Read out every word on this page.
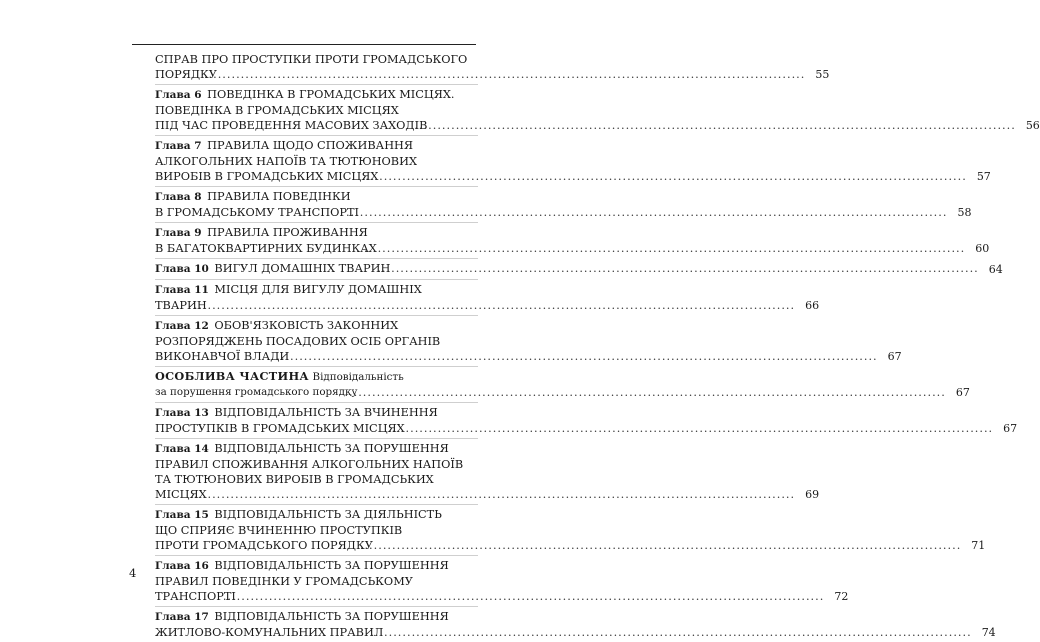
СПРАВ ПРО ПРОСТУПКИ ПРОТИ ГРОМАДСЬКОГО
ПОРЯДКУ .....	55
Глава 6 ПОВЕДІНКА В ГРОМАДСЬКИХ МІСЦЯХ.
ПОВЕДІНКА В ГРОМАДСЬКИХ МІСЦЯХ
ПІД ЧАС ПРОВЕДЕННЯ МАСОВИХ ЗАХОДІВ .....	56
Глава 7 ПРАВИЛА ЩОДО СПОЖИВАННЯ
АЛКОГОЛЬНИХ НАПОЇВ ТА ТЮТЮНОВИХ
ВИРОБІВ В ГРОМАДСЬКИХ МІСЦЯХ .....	57
Глава 8 ПРАВИЛА ПОВЕДІНКИ
В ГРОМАДСЬКОМУ ТРАНСПОРТІ .....	58
Глава 9 ПРАВИЛА ПРОЖИВАННЯ
В БАГАТОКВАРТИРНИХ БУДИНКАХ .....	60
Глава 10 ВИГУЛ ДОМАШНІХ ТВАРИН .....	64
Глава 11 МІСЦЯ ДЛЯ ВИГУЛУ ДОМАШНІХ
ТВАРИН .....	66
Глава 12 ОБОВ'ЯЗКОВІСТЬ ЗАКОННИХ
РОЗПОРЯДЖЕНЬ ПОСАДОВИХ ОСІБ ОРГАНІВ
ВИКОНАВЧОЇ ВЛАДИ .....	67
ОСОБЛИВА ЧАСТИНА Відповідальність
за порушення громадського порядку .....	67
Глава 13 ВІДПОВІДАЛЬНІСТЬ ЗА ВЧИНЕННЯ
ПРОСТУПКІВ В ГРОМАДСЬКИХ МІСЦЯХ .....	67
Глава 14 ВІДПОВІДАЛЬНІСТЬ ЗА ПОРУШЕННЯ
ПРАВИЛ СПОЖИВАННЯ АЛКОГОЛЬНИХ НАПОЇВ
ТА ТЮТЮНОВИХ ВИРОБІВ В ГРОМАДСЬКИХ
МІСЦЯХ .....	69
Глава 15 ВІДПОВІДАЛЬНІСТЬ ЗА ДІЯЛЬНІСТЬ
ЩО СПРИЯЄ ВЧИНЕННЮ ПРОСТУПКІВ
ПРОТИ ГРОМАДСЬКОГО ПОРЯДКУ .....	71
Глава 16 ВІДПОВІДАЛЬНІСТЬ ЗА ПОРУШЕННЯ
ПРАВИЛ ПОВЕДІНКИ У ГРОМАДСЬКОМУ
ТРАНСПОРТІ .....	72
Глава 17 ВІДПОВІДАЛЬНІСТЬ ЗА ПОРУШЕННЯ
ЖИТЛОВО-КОМУНАЛЬНИХ ПРАВИЛ .....	74
4
